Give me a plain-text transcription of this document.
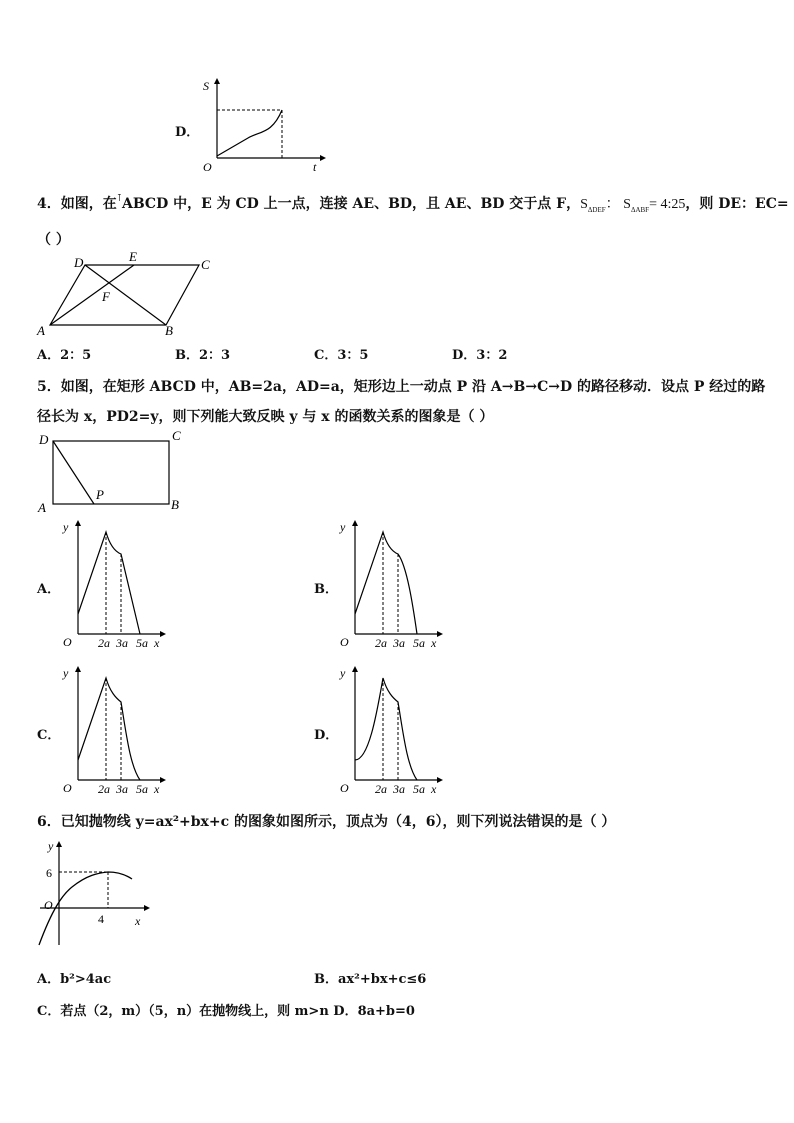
D．
S
t
O
4．如图，在⊺ABCD 中，E 为 CD 上一点，连接 AE、BD，且 AE、BD 交于点 F，$S_{\Delta DEF}$： $S_{\Delta ABF}=$ 4:25，则 DE：EC=
（ ）
D	E
C
F
A	B
A．2：5	B．2：3	C．3：5	D．3：2
5．如图，在矩形 ABCD 中，AB=2a，AD=a，矩形边上一动点 P 沿 A→B→C→D 的路径移动．设点 P 经过的路
径长为 x，PD2=y，则下列能大致反映 y 与 x 的函数关系的图象是（ ）
D	C
A	B
P
A．
y
O 2a 3a 5a x
B．
y
O 2a 3a 5a x
C．
y
O 2a 3a 5a x
D．
y
O 2a 3a 5a x
6．已知抛物线 y=ax²+bx+c 的图象如图所示，顶点为（4，6），则下列说法错误的是（ ）
y
x
O
6
4
A．b²>4ac	B．ax²+bx+c≤6
C．若点（2，m）（5，n）在抛物线上，则 m>n D．8a+b=0
